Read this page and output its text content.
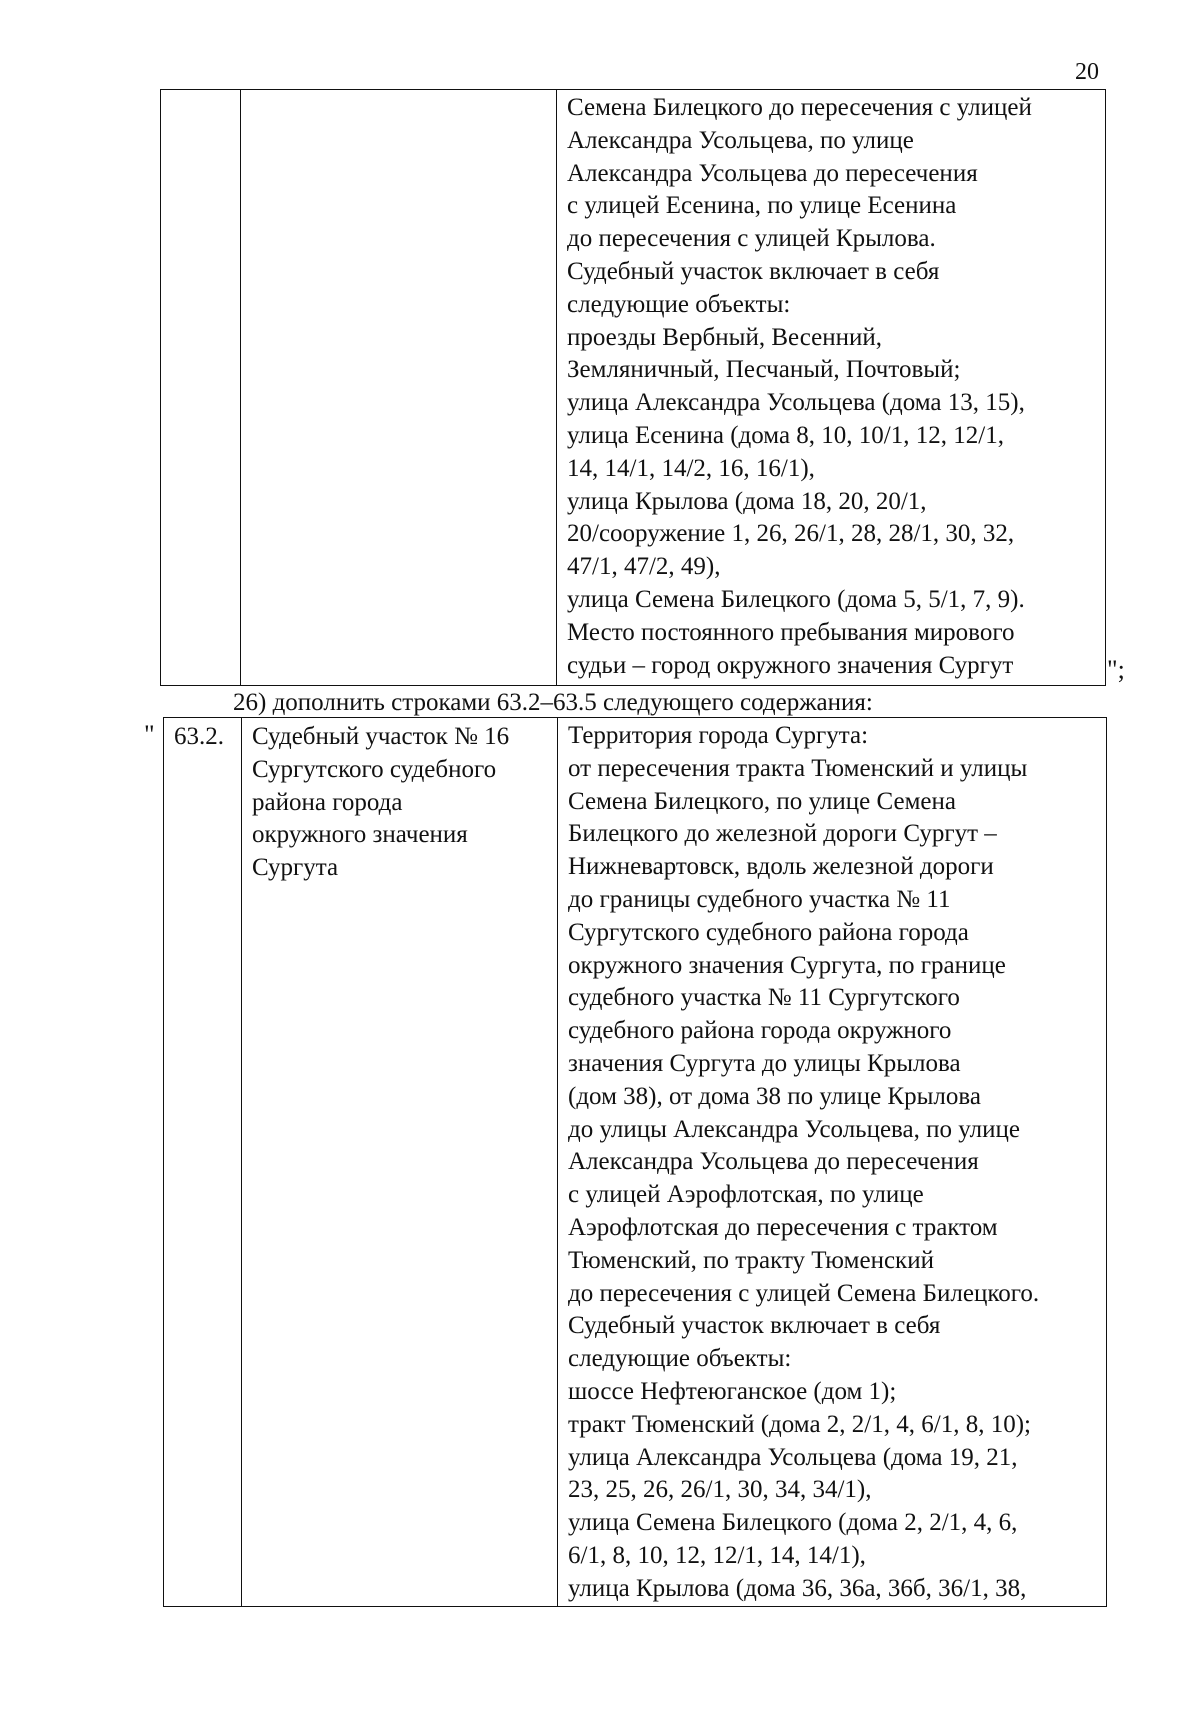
20

Семена Билецкого до пересечения с улицей
Александра Усольцева, по улице
Александра Усольцева до пересечения
с улицей Есенина, по улице Есенина
до пересечения с улицей Крылова.
Судебный участок включает в себя
следующие объекты:
проезды Вербный, Весенний,
Земляничный, Песчаный, Почтовый;
улица Александра Усольцева (дома 13, 15),
улица Есенина (дома 8, 10, 10/1, 12, 12/1,
14, 14/1, 14/2, 16, 16/1),
улица Крылова (дома 18, 20, 20/1,
20/сооружение 1, 26, 26/1, 28, 28/1, 30, 32,
47/1, 47/2, 49),
улица Семена Билецкого (дома 5, 5/1, 7, 9).
Место постоянного пребывания мирового
судьи – город окружного значения Сургут	";
26) дополнить строками 63.2–63.5 следующего содержания:
" 63.2.	Судебный участок № 16
Сургутского судебного
района города
окружного значения
Сургута

Территория города Сургута:
от пересечения тракта Тюменский и улицы
Семена Билецкого, по улице Семена
Билецкого до железной дороги Сургут –
Нижневартовск, вдоль железной дороги
до границы судебного участка № 11
Сургутского судебного района города
окружного значения Сургута, по границе
судебного участка № 11 Сургутского
судебного района города окружного
значения Сургута до улицы Крылова
(дом 38), от дома 38 по улице Крылова
до улицы Александра Усольцева, по улице
Александра Усольцева до пересечения
с улицей Аэрофлотская, по улице
Аэрофлотская до пересечения с трактом
Тюменский, по тракту Тюменский
до пересечения с улицей Семена Билецкого.
Судебный участок включает в себя
следующие объекты:
шоссе Нефтеюганское (дом 1);
тракт Тюменский (дома 2, 2/1, 4, 6/1, 8, 10);
улица Александра Усольцева (дома 19, 21,
23, 25, 26, 26/1, 30, 34, 34/1),
улица Семена Билецкого (дома 2, 2/1, 4, 6,
6/1, 8, 10, 12, 12/1, 14, 14/1),
улица Крылова (дома 36, 36а, 36б, 36/1, 38,
